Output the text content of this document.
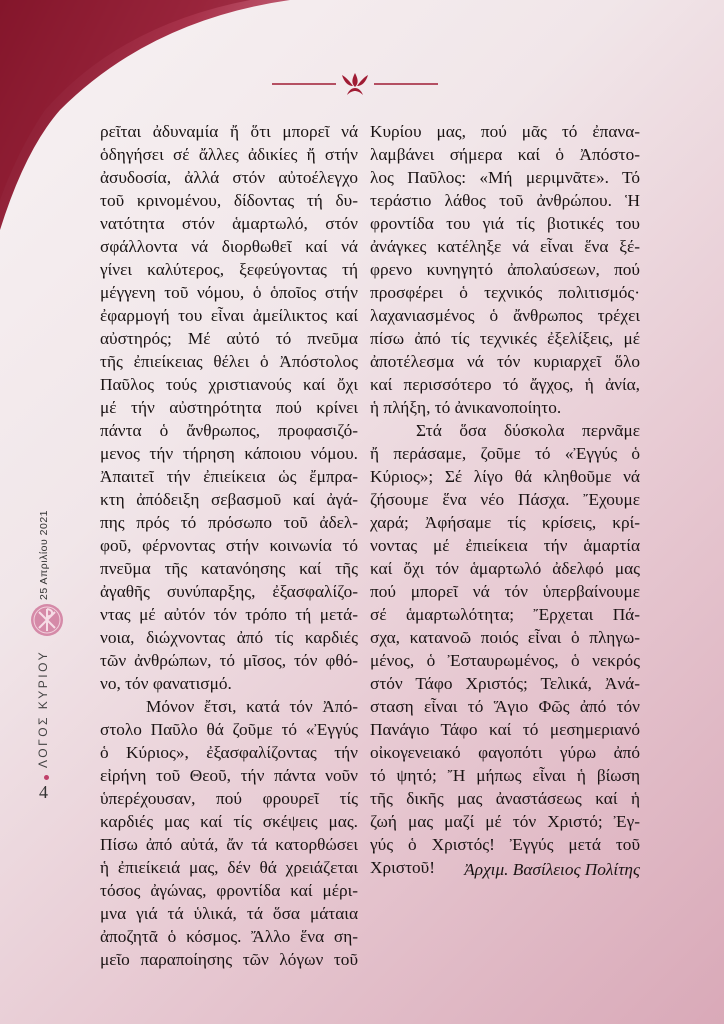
ρεῖται ἀδυναμία ἤ ὅτι μπορεῖ νά
ὁδηγήσει σέ ἄλλες ἀδικίες ἤ στήν
ἀσυδοσία, ἀλλά στόν αὐτοέλεγχο
τοῦ κρινομένου, δίδοντας τή δυ-
νατότητα στόν ἁμαρτωλό, στόν
σφάλλοντα νά διορθωθεῖ καί νά
γίνει καλύτερος, ξεφεύγοντας τή
μέγγενη τοῦ νόμου, ὁ ὁποῖος στήν
ἐφαρμογή του εἶναι ἀμείλικτος καί
αὐστηρός; Μέ αὐτό τό πνεῦμα
τῆς ἐπιείκειας θέλει ὁ Ἀπόστολος
Παῦλος τούς χριστιανούς καί ὄχι
μέ τήν αὐστηρότητα πού κρίνει
πάντα ὁ ἄνθρωπος, προφασιζό-
μενος τήν τήρηση κάποιου νόμου.
Ἀπαιτεῖ τήν ἐπιείκεια ὡς ἔμπρα-
κτη ἀπόδειξη σεβασμοῦ καί ἀγά-
πης πρός τό πρόσωπο τοῦ ἀδελ-
φοῦ, φέρνοντας στήν κοινωνία τό
πνεῦμα τῆς κατανόησης καί τῆς
ἀγαθῆς συνύπαρξης, ἐξασφαλίζο-
ντας μέ αὐτόν τόν τρόπο τή μετά-
νοια, διώχνοντας ἀπό τίς καρδιές
τῶν ἀνθρώπων, τό μῖσος, τόν φθό-
νο, τόν φανατισμό.
Μόνον ἔτσι, κατά τόν Ἀπό-
στολο Παῦλο θά ζοῦμε τό «Ἐγγύς
ὁ Κύριος», ἐξασφαλίζοντας τήν
εἰρήνη τοῦ Θεοῦ, τήν πάντα νοῦν
ὑπερέχουσαν, πού φρουρεῖ τίς
καρδιές μας καί τίς σκέψεις μας.
Πίσω ἀπό αὐτά, ἄν τά κατορθώσει
ἡ ἐπιείκειά μας, δέν θά χρειάζεται
τόσος ἀγώνας, φροντίδα καί μέρι-
μνα γιά τά ὑλικά, τά ὅσα μάταια
ἀποζητᾶ ὁ κόσμος. Ἄλλο ἕνα ση-
μεῖο παραποίησης τῶν λόγων τοῦ
Κυρίου μας, πού μᾶς τό ἐπανα-
λαμβάνει σήμερα καί ὁ Ἀπόστο-
λος Παῦλος: «Μή μεριμνᾶτε». Τό
τεράστιο λάθος τοῦ ἀνθρώπου. Ἡ
φροντίδα του γιά τίς βιοτικές του
ἀνάγκες κατέληξε νά εἶναι ἕνα ξέ-
φρενο κυνηγητό ἀπολαύσεων, πού
προσφέρει ὁ τεχνικός πολιτισμός·
λαχανιασμένος ὁ ἄνθρωπος τρέχει
πίσω ἀπό τίς τεχνικές ἐξελίξεις, μέ
ἀποτέλεσμα νά τόν κυριαρχεῖ ὅλο
καί περισσότερο τό ἄγχος, ἡ ἀνία,
ἡ πλήξη, τό ἀνικανοποίητο.
Στά ὅσα δύσκολα περνᾶμε
ἤ περάσαμε, ζοῦμε τό «Ἐγγύς ὁ
Κύριος»; Σέ λίγο θά κληθοῦμε νά
ζήσουμε ἕνα νέο Πάσχα. Ἔχουμε
χαρά; Ἀφήσαμε τίς κρίσεις, κρί-
νοντας μέ ἐπιείκεια τήν ἁμαρτία
καί ὄχι τόν ἁμαρτωλό ἀδελφό μας
πού μπορεῖ νά τόν ὑπερβαίνουμε
σέ ἁμαρτωλότητα; Ἔρχεται Πά-
σχα, κατανοῶ ποιός εἶναι ὁ πληγω-
μένος, ὁ Ἐσταυρωμένος, ὁ νεκρός
στόν Τάφο Χριστός; Τελικά, Ἀνά-
σταση εἶναι τό Ἅγιο Φῶς ἀπό τόν
Πανάγιο Τάφο καί τό μεσημεριανό
οἰκογενειακό φαγοπότι γύρω ἀπό
τό ψητό; Ἤ μήπως εἶναι ἡ βίωση
τῆς δικῆς μας ἀναστάσεως καί ἡ
ζωή μας μαζί μέ τόν Χριστό; Ἐγ-
γύς ὁ Χριστός! Ἐγγύς μετά τοῦ
Χριστοῦ!	Ἀρχιμ. Βασίλειος Πολίτης
25 Απριλίου 2021
ΛΟΓΟΣ ΚΥΡΙΟΥ
4
